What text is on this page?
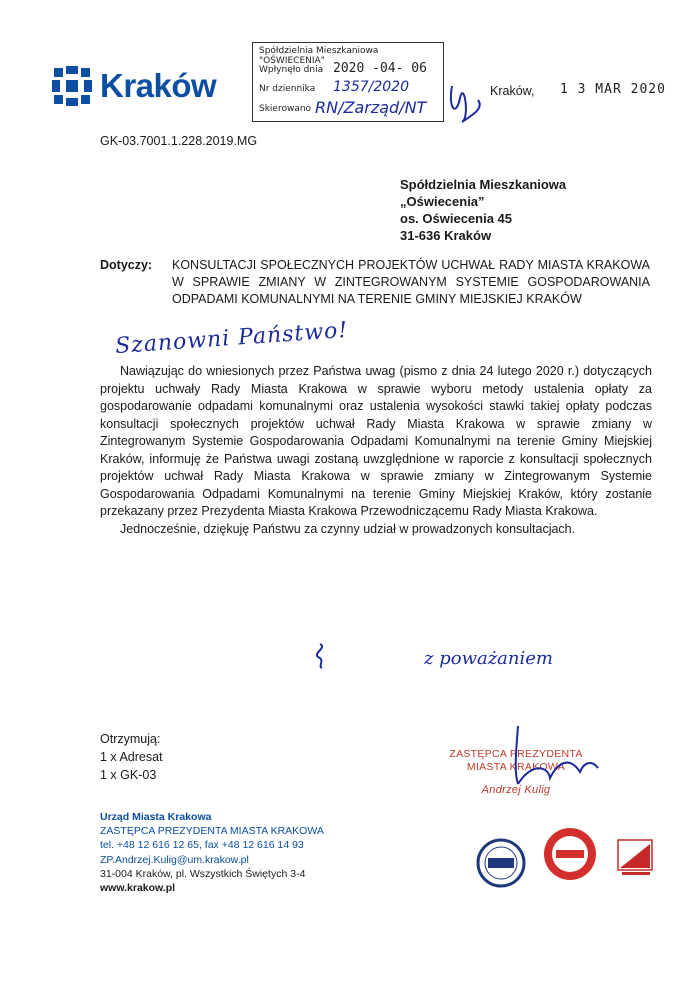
Kraków
Spółdzielnia Mieszkaniowa "OŚWIECENIA"
Wpłynęło dnia 2020 -04- 06
Nr dziennika 1357/2020
Skierowano RN/Zarząd/NT
Kraków, 1 3 MAR 2020
GK-03.7001.1.228.2019.MG
Spółdzielnia Mieszkaniowa
„Oświecenia”
os. Oświecenia 45
31-636 Kraków
Dotyczy: KONSULTACJI SPOŁECZNYCH PROJEKTÓW UCHWAŁ RADY MIASTA KRAKOWA
W SPRAWIE ZMIANY W ZINTEGROWANYM SYSTEMIE GOSPODAROWANIA
ODPADAMI KOMUNALNYMI NA TERENIE GMINY MIEJSKIEJ KRAKÓW
Szanowni Państwo!

Nawiązując do wniesionych przez Państwa uwag (pismo z dnia 24 lutego 2020 r.) dotyczących projektu uchwały Rady Miasta Krakowa w sprawie wyboru metody ustalenia opłaty za gospodarowanie odpadami komunalnymi oraz ustalenia wysokości stawki takiej opłaty podczas konsultacji społecznych projektów uchwał Rady Miasta Krakowa w sprawie zmiany w Zintegrowanym Systemie Gospodarowania Odpadami Komunalnymi na terenie Gminy Miejskiej Kraków, informuję że Państwa uwagi zostaną uwzględnione w raporcie z konsultacji społecznych projektów uchwał Rady Miasta Krakowa w sprawie zmiany w Zintegrowanym Systemie Gospodarowania Odpadami Komunalnymi na terenie Gminy Miejskiej Kraków, który zostanie przekazany przez Prezydenta Miasta Krakowa Przewodniczącemu Rady Miasta Krakowa.

Jednocześnie, dziękuję Państwu za czynny udział w prowadzonych konsultacjach.

z poważaniem
Otrzymują:
1 x Adresat
1 x GK-03
ZASTĘPCA PREZYDENTA
MIASTA KRAKOWA
Andrzej Kulig
Urząd Miasta Krakowa
ZASTĘPCA PREZYDENTA MIASTA KRAKOWA
tel. +48 12 616 12 65, fax +48 12 616 14 93
ZP.Andrzej.Kulig@um.krakow.pl
31-004 Kraków, pl. Wszystkich Świętych 3-4
www.krakow.pl
